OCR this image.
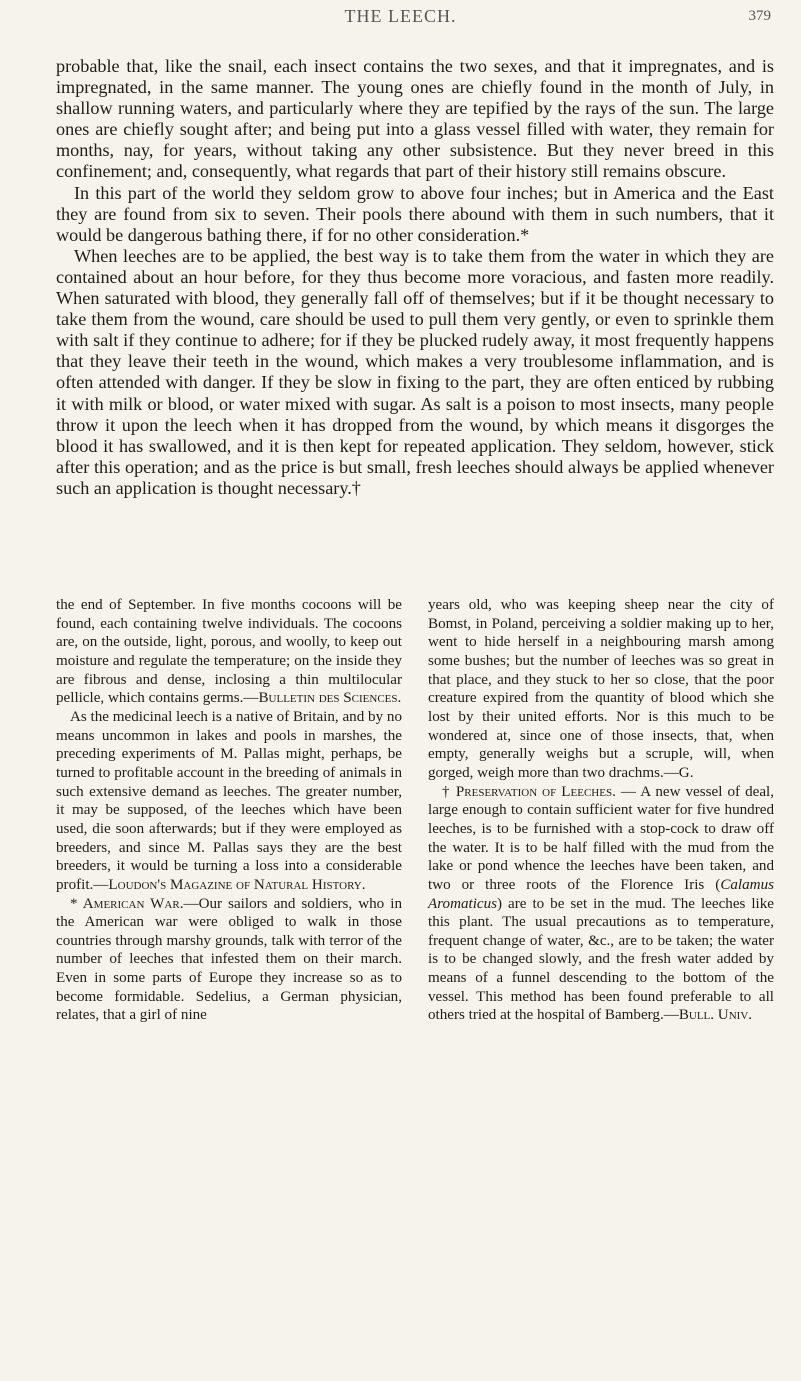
THE LEECH.	379

probable that, like the snail, each insect contains the two sexes, and that it impregnates, and is impregnated, in the same manner. The young ones are chiefly found in the month of July, in shallow running waters, and particularly where they are tepified by the rays of the sun. The large ones are chiefly sought after; and being put into a glass vessel filled with water, they remain for months, nay, for years, without taking any other subsistence. But they never breed in this confinement; and, consequently, what regards that part of their history still remains obscure.

In this part of the world they seldom grow to above four inches; but in America and the East they are found from six to seven. Their pools there abound with them in such numbers, that it would be dangerous bathing there, if for no other consideration.*

When leeches are to be applied, the best way is to take them from the water in which they are contained about an hour before, for they thus become more voracious, and fasten more readily. When saturated with blood, they generally fall off of themselves; but if it be thought necessary to take them from the wound, care should be used to pull them very gently, or even to sprinkle them with salt if they continue to adhere; for if they be plucked rudely away, it most frequently happens that they leave their teeth in the wound, which makes a very troublesome inflammation, and is often attended with danger. If they be slow in fixing to the part, they are often enticed by rubbing it with milk or blood, or water mixed with sugar. As salt is a poison to most insects, many people throw it upon the leech when it has dropped from the wound, by which means it disgorges the blood it has swallowed, and it is then kept for repeated application. They seldom, however, stick after this operation; and as the price is but small, fresh leeches should always be applied whenever such an application is thought necessary.†

the end of September. In five months cocoons will be found, each containing twelve individuals. The cocoons are, on the outside, light, porous, and woolly, to keep out moisture and regulate the temperature; on the inside they are fibrous and dense, inclosing a thin multilocular pellicle, which contains germs.—Bulletin des Sciences.

As the medicinal leech is a native of Britain, and by no means uncommon in lakes and pools in marshes, the preceding experiments of M. Pallas might, perhaps, be turned to profitable account in the breeding of animals in such extensive demand as leeches. The greater number, it may be supposed, of the leeches which have been used, die soon afterwards; but if they were employed as breeders, and since M. Pallas says they are the best breeders, it would be turning a loss into a considerable profit.—Loudon's Magazine of Natural History.

* American War.—Our sailors and soldiers, who in the American war were obliged to walk in those countries through marshy grounds, talk with terror of the number of leeches that infested them on their march. Even in some parts of Europe they increase so as to become formidable. Sedelius, a German physician, relates, that a girl of nine

years old, who was keeping sheep near the city of Bomst, in Poland, perceiving a soldier making up to her, went to hide herself in a neighbouring marsh among some bushes; but the number of leeches was so great in that place, and they stuck to her so close, that the poor creature expired from the quantity of blood which she lost by their united efforts. Nor is this much to be wondered at, since one of those insects, that, when empty, generally weighs but a scruple, will, when gorged, weigh more than two drachms.—G.

† Preservation of Leeches. — A new vessel of deal, large enough to contain sufficient water for five hundred leeches, is to be furnished with a stop-cock to draw off the water. It is to be half filled with the mud from the lake or pond whence the leeches have been taken, and two or three roots of the Florence Iris (Calamus Aromaticus) are to be set in the mud. The leeches like this plant. The usual precautions as to temperature, frequent change of water, &c., are to be taken; the water is to be changed slowly, and the fresh water added by means of a funnel descending to the bottom of the vessel. This method has been found preferable to all others tried at the hospital of Bamberg.—Bull. Univ.
